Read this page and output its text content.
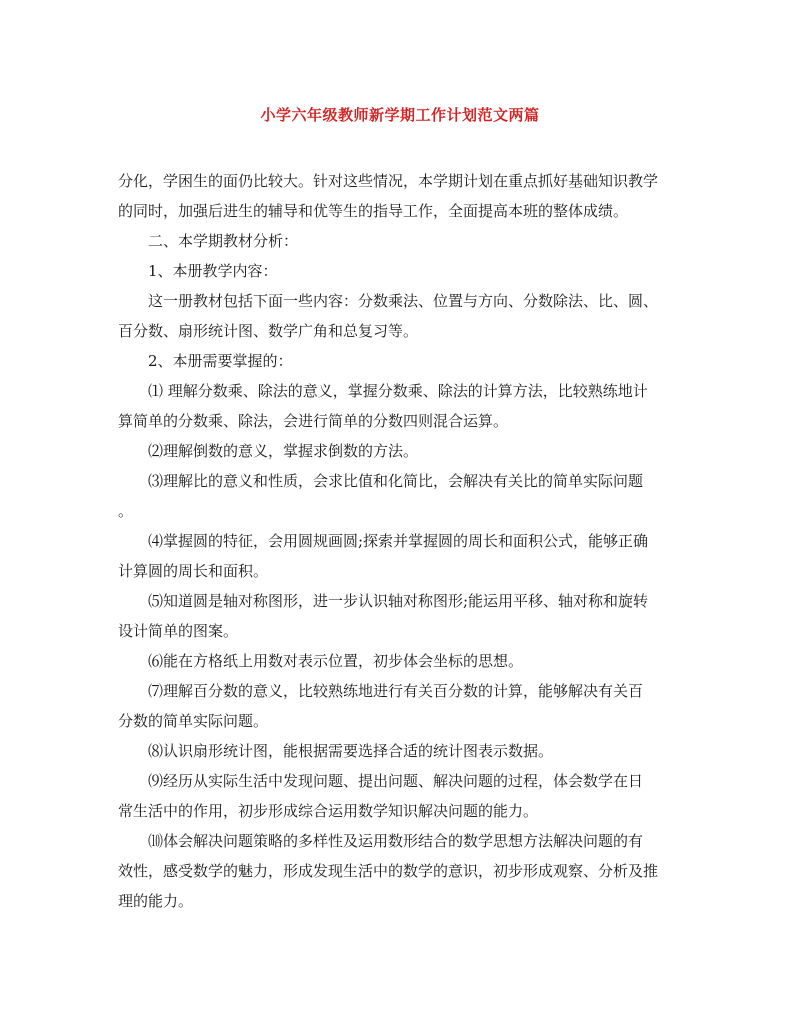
小学六年级教师新学期工作计划范文两篇
分化，学困生的面仍比较大。针对这些情况，本学期计划在重点抓好基础知识教学
的同时，加强后进生的辅导和优等生的指导工作，全面提高本班的整体成绩。
二、本学期教材分析：
1、本册教学内容：
这一册教材包括下面一些内容：分数乘法、位置与方向、分数除法、比、圆、
百分数、扇形统计图、数学广角和总复习等。
2、本册需要掌握的：
⑴ 理解分数乘、除法的意义，掌握分数乘、除法的计算方法，比较熟练地计
算简单的分数乘、除法，会进行简单的分数四则混合运算。
⑵理解倒数的意义，掌握求倒数的方法。
⑶理解比的意义和性质，会求比值和化简比，会解决有关比的简单实际问题
。
⑷掌握圆的特征，会用圆规画圆;探索并掌握圆的周长和面积公式，能够正确
计算圆的周长和面积。
⑸知道圆是轴对称图形，进一步认识轴对称图形;能运用平移、轴对称和旋转
设计简单的图案。
⑹能在方格纸上用数对表示位置，初步体会坐标的思想。
⑺理解百分数的意义，比较熟练地进行有关百分数的计算，能够解决有关百
分数的简单实际问题。
⑻认识扇形统计图，能根据需要选择合适的统计图表示数据。
⑼经历从实际生活中发现问题、提出问题、解决问题的过程，体会数学在日
常生活中的作用，初步形成综合运用数学知识解决问题的能力。
⑽体会解决问题策略的多样性及运用数形结合的数学思想方法解决问题的有
效性，感受数学的魅力，形成发现生活中的数学的意识，初步形成观察、分析及推
理的能力。
